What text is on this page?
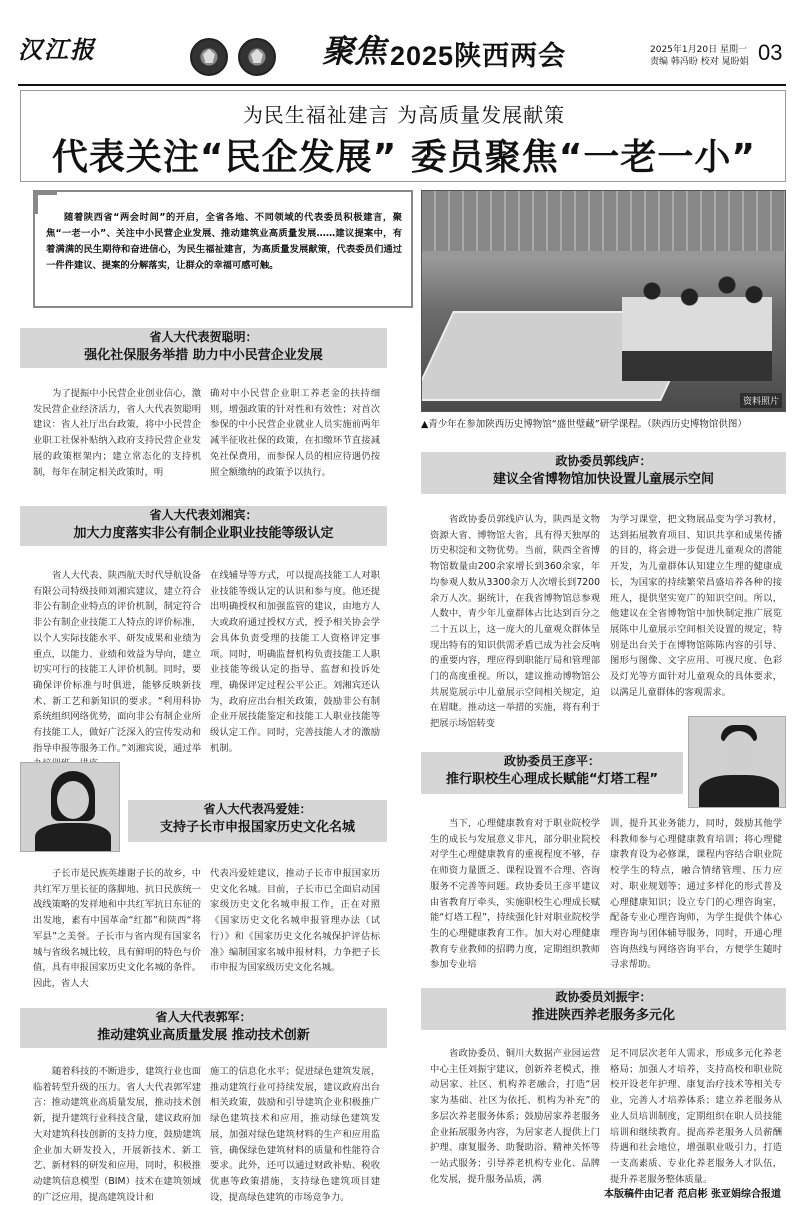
汉江报	聚焦 2025陕西两会	2025年1月20日 星期一
责编 韩冯盼 校对 晁盼娟 03
为民生福祉建言 为高质量发展献策
代表关注“民企发展” 委员聚焦“一老一小”
随着陕西省“两会时间”的开启，全省各地、不同领域的代表委员积极建言，聚焦“一老一小”、关注中小民营企业发展、推动建筑业高质量发展……建议提案中，有着满满的民生期待和奋进信心，为民生福祉建言，为高质量发展献策，代表委员们通过一件件建议、提案的分解落实，让群众的幸福可感可触。
资料照片
▲青少年在参加陕西历史博物馆“盛世璧藏”研学课程。（陕西历史博物馆供图）
省人大代表贺聪明：
强化社保服务举措 助力中小民营企业发展

为了提振中小民营企业创业信心，激发民营企业经济活力，省人大代表贺聪明建议：省人社厅出台政策，将中小民营企业职工社保补贴纳入政府支持民营企业发展的政策框架内；建立常态化的支持机制，每年在制定相关政策时，明

确对中小民营企业职工养老金的扶持细则，增强政策的针对性和有效性；对首次参保的中小民营企业就业人员实施前两年减半征收社保的政策，在扣缴环节直接减免社保费用，而参保人员的相应待遇仍按照全额缴纳的政策予以执行。

省人大代表刘湘宾：
加大力度落实非公有制企业职业技能等级认定

省人大代表、陕西航天时代导航设备有限公司特级技师刘湘宾建议，建立符合非公有制企业特点的评价机制，制定符合非公有制企业技能工人特点的评价标准，以个人实际技能水平、研发成果和业绩为重点，以能力、业绩和效益为导向，建立切实可行的技能工人评价机制。同时，要确保评价标准与时俱进，能够反映新技术、新工艺和新知识的要求。“利用科协系统组织网络优势，面向非公有制企业所有技能工人，做好广泛深入的宣传发动和指导申报等服务工作。”刘湘宾说，通过举

在线辅导等方式，可以提高技能工人对职业技能等级认定的认识和参与度。他还提出明确授权和加强监管的建议，由地方人大或政府通过授权方式，授予相关协会学会具体负责受理的技能工人资格评定事项。同时，明确监督机构负责技能工人职业技能等级认定的指导、监督和投诉处理，确保评定过程公平公正。刘湘宾还认为，政府应出台相关政策，鼓励非公有制企业开展技能鉴定和技能工人职业技能等级认定工作。同时，完善技能人才的激励机制。

省人大代表冯爱娃：
支持子长市申报国家历史文化名城

子长市是民族英雄谢子长的故乡，中共红军万里长征的落脚地、抗日民族统一战线策略的发祥地和中共红军抗日东征的出发地，素有中国革命“红都”和陕西“将军县”之美誉。子长市与省内现有国家名城与省级名城比较，具有鲜明的特色与价值，具有申报国家历史文化名城的条件。因此，省人大

代表冯爱娃建议，推动子长市申报国家历史文化名城。目前，子长市已全面启动国家级历史文化名城申报工作，正在对照《国家历史文化名城申报管理办法（试行）》和《国家历史文化名城保护评估标准》编制国家名城申报材料，力争把子长市申报为国家级历史文化名城。

省人大代表郭军：
推动建筑业高质量发展 推动技术创新

随着科技的不断进步，建筑行业也面临着转型升级的压力。省人大代表郭军建言：推动建筑业高质量发展，推动技术创新，提升建筑行业科技含量，建议政府加大对建筑科技创新的支持力度，鼓励建筑企业加大研发投入，开展新技术、新工艺、新材料的研发和应用，同时，积极推动建筑信息模型（BIM）技术在建筑领域的广泛应用，提高建筑设计和

施工的信息化水平；促进绿色建筑发展，推动建筑行业可持续发展，建议政府出台相关政策，鼓励和引导建筑企业积极推广绿色建筑技术和应用，推动绿色建筑发展，加强对绿色建筑材料的生产和应用监管，确保绿色建筑材料的质量和性能符合要求。此外，还可以通过财政补贴、税收优惠等政策措施，支持绿色建筑项目建设，提高绿色建筑的市场竞争力。

政协委员郭线庐：
建议全省博物馆加快设置儿童展示空间

省政协委员郭线庐认为，陕西是文物资源大省、博物馆大省，具有得天独厚的历史积淀和文物优势。当前，陕西全省博物馆数量由200余家增长到360余家，年均参观人数从3300余万人次增长到7200余万人次。据统计，在我省博物馆总参观人数中，青少年儿童群体占比达到百分之二十五以上，这一庞大的儿童观众群体呈现出特有的知识供需矛盾已成为社会反响的重要内容，理应得到职能厅局和管理部门的高度重视。所以，建议推动博物馆公共展览展示中儿童展示空间相关规定，迫在眉睫。推动这一举措的实施，将有利于把展示场馆转变

为学习课堂，把文物展品变为学习教材，达到拓展教育项目、知识共享和成果传播的目的，将会进一步促进儿童观众的潜能开发，为儿童群体认知建立生理的健康成长，为国家的持续繁荣昌盛培养各种的接班人，提供坚实宽广的知识空间。所以，他建议在全省博物馆中加快制定推广展览展陈中儿童展示空间相关设置的规定，特别是出台关于在博物馆陈陈内容的引导、图形与图像、文字应用、可视尺度、色彩及灯光等方面针对儿童观众的具体要求，以满足儿童群体的客观需求。

政协委员王彦平：
推行职校生心理成长赋能“灯塔工程”

当下，心理健康教育对于职业院校学生的成长与发展意义非凡，部分职业院校对学生心理健康教育的重视程度不够，存在师资力量匮乏、课程设置不合理、咨询服务不完善等问题。政协委员王彦平建议由省教育厅牵头，实施职校生心理成长赋能“灯塔工程”，持续强化针对职业院校学生的心理健康教育工作。加大对心理健康教育专业教师的招聘力度，定期组织教师参加专业培

训，提升其业务能力，同时，鼓励其他学科教师参与心理健康教育培训；将心理健康教育设为必修课，课程内容结合职业院校学生的特点，融合情绪管理、压力应对、职业规划等；通过多样化的形式普及心理健康知识；设立专门的心理咨询室，配备专业心理咨询师，为学生提供个体心理咨询与团体辅导服务，同时，开通心理咨询热线与网络咨询平台，方便学生随时寻求帮助。

政协委员刘振宇：
推进陕西养老服务多元化

省政协委员、铜川大数据产业园运营中心主任刘振宇建议，创新养老模式，推动居家、社区、机构养老融合，打造“居家为基础、社区为依托、机构为补充”的多层次养老服务体系；鼓励居家养老服务企业拓展服务内容，为居家老人提供上门护理、康复服务、助餐助浴、精神关怀等一站式服务；引导养老机构专业化、品牌化发展，提升服务品质，满

足不同层次老年人需求，形成多元化养老格局；加强人才培养，支持高校和职业院校开设老年护理、康复治疗技术等相关专业，完善人才培养体系；建立养老服务从业人员培训制度，定期组织在职人员技能培训和继续教育。提高养老服务人员薪酬待遇和社会地位，增强职业吸引力，打造一支高素质、专业化养老服务人才队伍，提升养老服务整体质量。

本版稿件由记者 范启彬 张亚娟综合报道
